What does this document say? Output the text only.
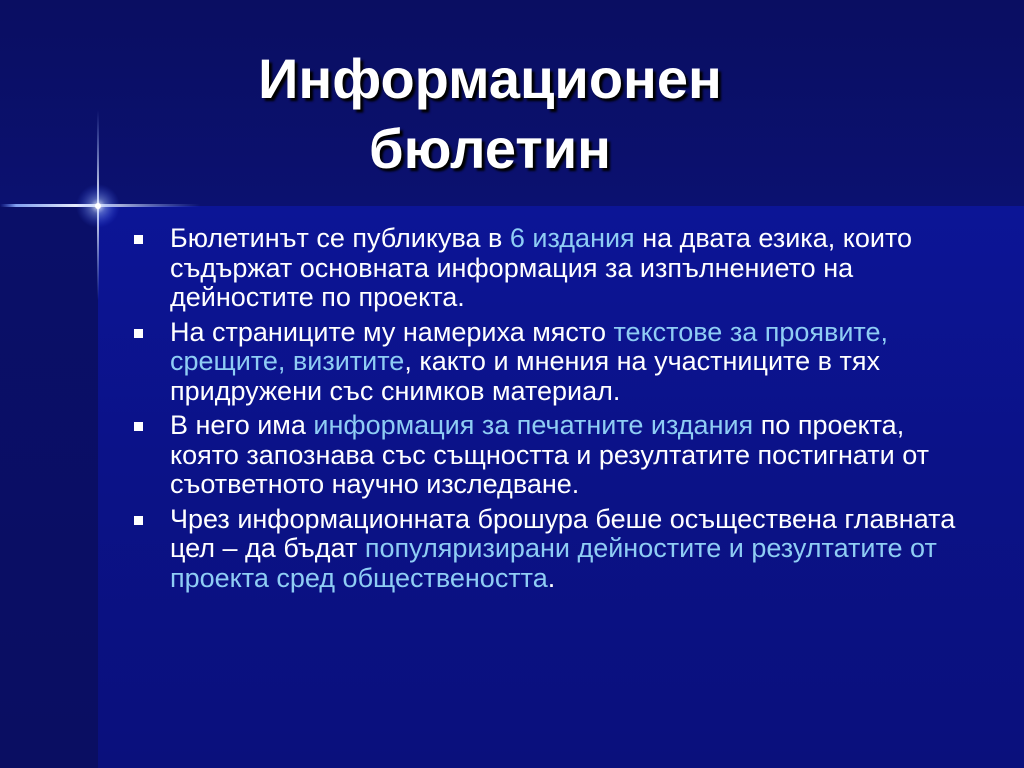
Информационен
бюлетин
Бюлетинът се публикува в 6 издания на двата езика, които съдържат основната информация за изпълнението на дейностите по проекта.
На страниците му намериха място текстове за проявите, срещите, визитите, както и мнения на участниците в тях придружени със снимков материал.
В него има информация за печатните издания по проекта, която запознава със същността и резултатите постигнати от съответното научно изследване.
Чрез информационната брошура беше осъществена главната цел – да бъдат популяризирани дейностите и резултатите от проекта сред обществеността.
